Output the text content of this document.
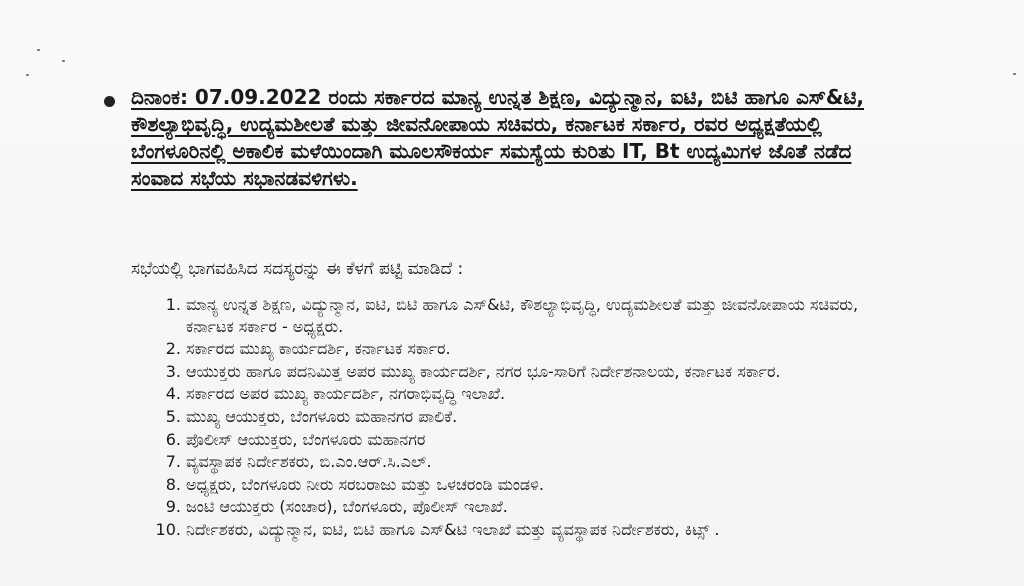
ದಿನಾಂಕ: 07.09.2022 ರಂದು ಸರ್ಕಾರದ ಮಾನ್ಯ ಉನ್ನತ ಶಿಕ್ಷಣ, ವಿದ್ಯುನ್ಮಾನ, ಐಟಿ, ಬಿಟಿ ಹಾಗೂ ಎಸ್&ಟಿ, ಕೌಶಲ್ಯಾಭಿವೃದ್ಧಿ, ಉದ್ಯಮಶೀಲತೆ ಮತ್ತು ಜೀವನೋಪಾಯ ಸಚಿವರು, ಕರ್ನಾಟಕ ಸರ್ಕಾರ, ರವರ ಅಧ್ಯಕ್ಷತೆಯಲ್ಲಿ ಬೆಂಗಳೂರಿನಲ್ಲಿ ಅಕಾಲಿಕ ಮಳೆಯಿಂದಾಗಿ ಮೂಲಸೌಕರ್ಯ ಸಮಸ್ಯೆಯ ಕುರಿತು IT, Bt ಉದ್ಯಮಿಗಳ ಜೊತೆ ನಡೆದ ಸಂವಾದ ಸಭೆಯ ಸಭಾನಡವಳಿಗಳು.
ಸಭೆಯಲ್ಲಿ ಭಾಗವಹಿಸಿದ ಸದಸ್ಯರನ್ನು ಈ ಕೆಳಗೆ ಪಟ್ಟಿ ಮಾಡಿದೆ :
1. ಮಾನ್ಯ ಉನ್ನತ ಶಿಕ್ಷಣ, ವಿದ್ಯುನ್ಮಾನ, ಐಟಿ, ಬಿಟಿ ಹಾಗೂ ಎಸ್&ಟಿ, ಕೌಶಲ್ಯಾಭಿವೃದ್ಧಿ, ಉದ್ಯಮಶೀಲತೆ ಮತ್ತು ಜೀವನೋಪಾಯ ಸಚಿವರು, ಕರ್ನಾಟಕ ಸರ್ಕಾರ - ಅಧ್ಯಕ್ಷರು.
2. ಸರ್ಕಾರದ ಮುಖ್ಯ ಕಾರ್ಯದರ್ಶಿ, ಕರ್ನಾಟಕ ಸರ್ಕಾರ.
3. ಆಯುಕ್ತರು ಹಾಗೂ ಪದನಿಮಿತ್ತ ಅಪರ ಮುಖ್ಯ ಕಾರ್ಯದರ್ಶಿ, ನಗರ ಭೂ-ಸಾರಿಗೆ ನಿರ್ದೇಶನಾಲಯ, ಕರ್ನಾಟಕ ಸರ್ಕಾರ.
4. ಸರ್ಕಾರದ ಅಪರ ಮುಖ್ಯ ಕಾರ್ಯದರ್ಶಿ, ನಗರಾಭಿವೃದ್ಧಿ ಇಲಾಖೆ.
5. ಮುಖ್ಯ ಆಯುಕ್ತರು, ಬೆಂಗಳೂರು ಮಹಾನಗರ ಪಾಲಿಕೆ.
6. ಪೊಲೀಸ್ ಆಯುಕ್ತರು, ಬೆಂಗಳೂರು ಮಹಾನಗರ
7. ವ್ಯವಸ್ಥಾಪಕ ನಿರ್ದೇಶಕರು, ಬಿ.ಎಂ.ಆರ್.ಸಿ.ಎಲ್.
8. ಅಧ್ಯಕ್ಷರು, ಬೆಂಗಳೂರು ನೀರು ಸರಬರಾಜು ಮತ್ತು ಒಳಚರಂಡಿ ಮಂಡಳಿ.
9. ಜಂಟಿ ಆಯುಕ್ತರು (ಸಂಚಾರ), ಬೆಂಗಳೂರು, ಪೊಲೀಸ್ ಇಲಾಖೆ.
10. ನಿರ್ದೇಶಕರು, ವಿದ್ಯುನ್ಮಾನ, ಐಟಿ, ಬಿಟಿ ಹಾಗೂ ಎಸ್&ಟಿ ಇಲಾಖೆ ಮತ್ತು ವ್ಯವಸ್ಥಾಪಕ ನಿರ್ದೇಶಕರು, ಕಿಟ್ಸ್ .
